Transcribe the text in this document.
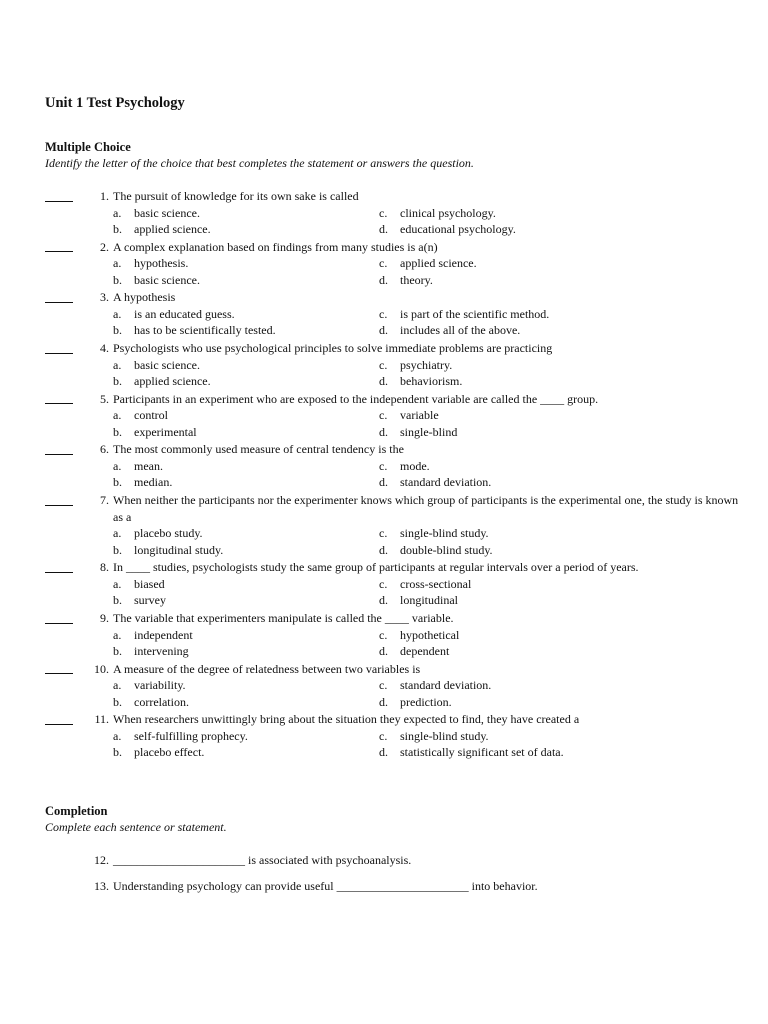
Unit 1 Test Psychology
Multiple Choice
Identify the letter of the choice that best completes the statement or answers the question.
1. The pursuit of knowledge for its own sake is called
a.	basic science.	c.	clinical psychology.
b.	applied science.	d.	educational psychology.
2. A complex explanation based on findings from many studies is a(n)
a.	hypothesis.	c.	applied science.
b.	basic science.	d.	theory.
3. A hypothesis
a.	is an educated guess.	c.	is part of the scientific method.
b.	has to be scientifically tested.	d.	includes all of the above.
4. Psychologists who use psychological principles to solve immediate problems are practicing
a.	basic science.	c.	psychiatry.
b.	applied science.	d.	behaviorism.
5. Participants in an experiment who are exposed to the independent variable are called the ____ group.
a.	control	c.	variable
b.	experimental	d.	single-blind
6. The most commonly used measure of central tendency is the
a.	mean.	c.	mode.
b.	median.	d.	standard deviation.
7. When neither the participants nor the experimenter knows which group of participants is the experimental one, the study is known as a
a.	placebo study.	c.	single-blind study.
b.	longitudinal study.	d.	double-blind study.
8. In ____ studies, psychologists study the same group of participants at regular intervals over a period of years.
a.	biased	c.	cross-sectional
b.	survey	d.	longitudinal
9. The variable that experimenters manipulate is called the ____ variable.
a.	independent	c.	hypothetical
b.	intervening	d.	dependent
10. A measure of the degree of relatedness between two variables is
a.	variability.	c.	standard deviation.
b.	correlation.	d.	prediction.
11. When researchers unwittingly bring about the situation they expected to find, they have created a
a.	self-fulfilling prophecy.	c.	single-blind study.
b.	placebo effect.	d.	statistically significant set of data.
Completion
Complete each sentence or statement.
12. ______________________ is associated with psychoanalysis.
13. Understanding psychology can provide useful ______________________ into behavior.
